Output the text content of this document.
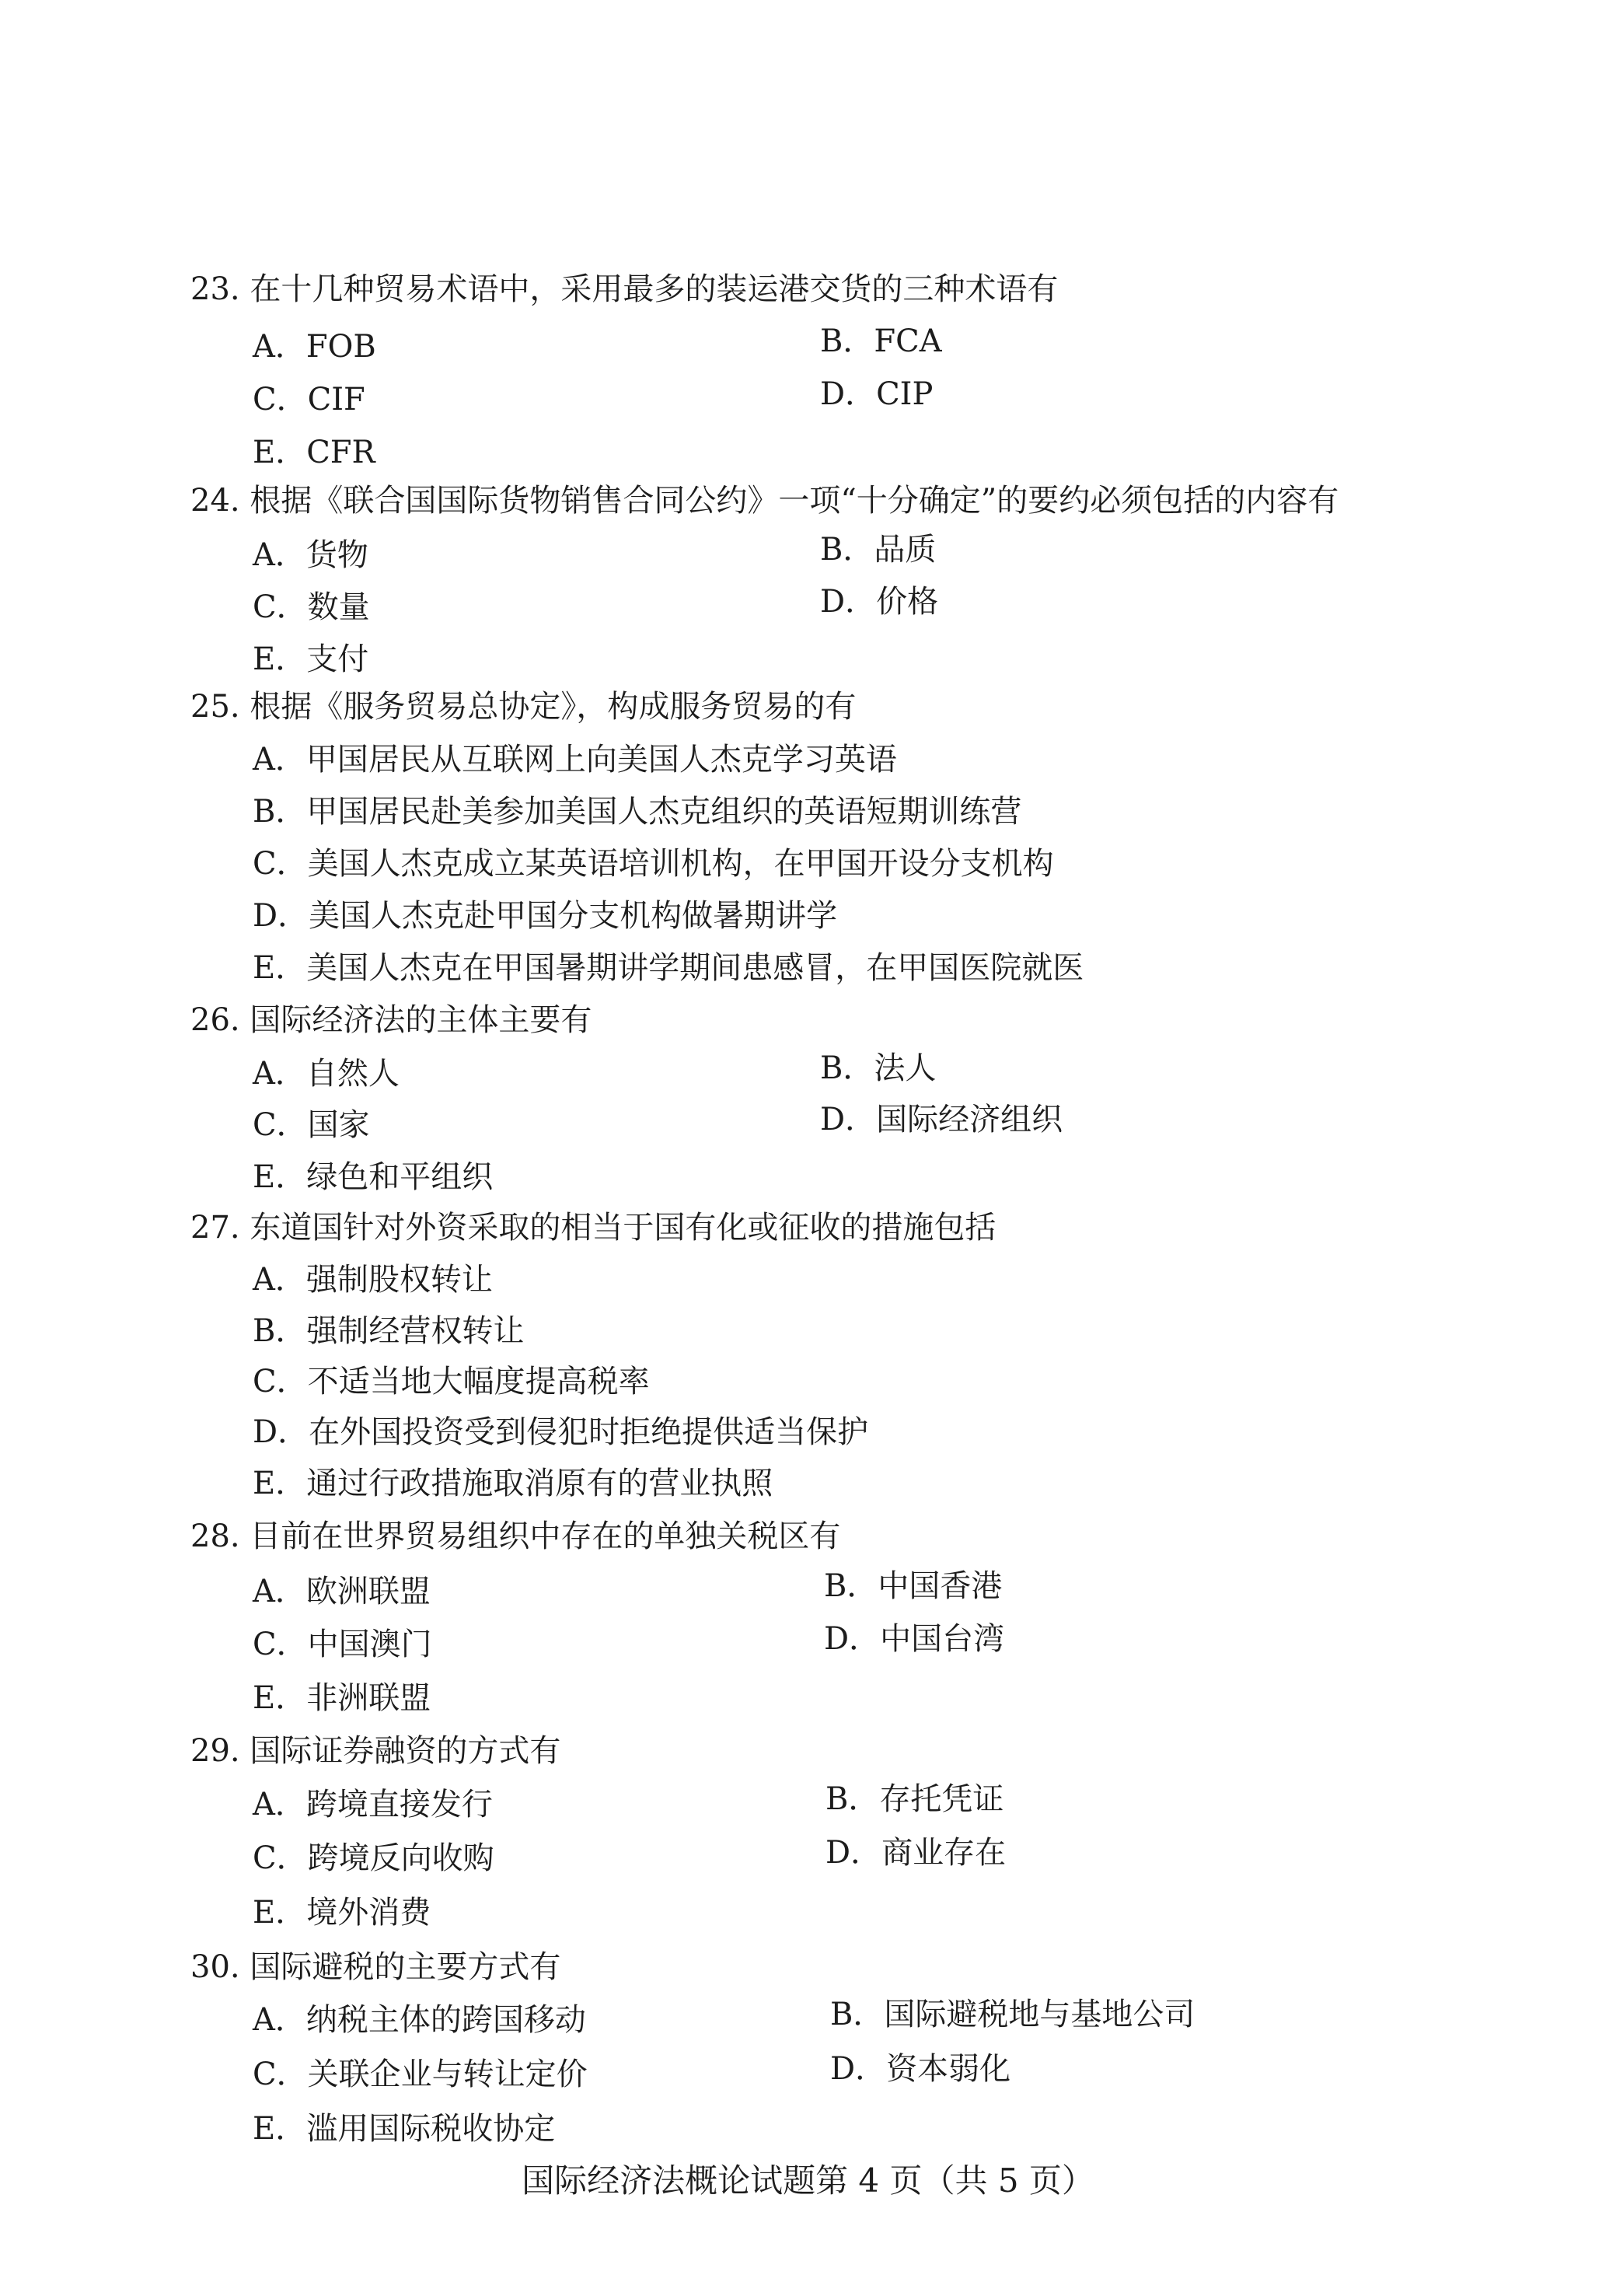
23. 在十几种贸易术语中，采用最多的装运港交货的三种术语有
A．FOB	B．FCA
C．CIF	D．CIP
E．CFR
24. 根据《联合国国际货物销售合同公约》一项“十分确定”的要约必须包括的内容有
A．货物	B．品质
C．数量	D．价格
E．支付
25. 根据《服务贸易总协定》，构成服务贸易的有
A．甲国居民从互联网上向美国人杰克学习英语
B．甲国居民赴美参加美国人杰克组织的英语短期训练营
C．美国人杰克成立某英语培训机构，在甲国开设分支机构
D．美国人杰克赴甲国分支机构做暑期讲学
E．美国人杰克在甲国暑期讲学期间患感冒，在甲国医院就医
26. 国际经济法的主体主要有
A．自然人	B．法人
C．国家	D．国际经济组织
E．绿色和平组织
27. 东道国针对外资采取的相当于国有化或征收的措施包括
A．强制股权转让
B．强制经营权转让
C．不适当地大幅度提高税率
D．在外国投资受到侵犯时拒绝提供适当保护
E．通过行政措施取消原有的营业执照
28. 目前在世界贸易组织中存在的单独关税区有
A．欧洲联盟	B．中国香港
C．中国澳门	D．中国台湾
E．非洲联盟
29. 国际证券融资的方式有
A．跨境直接发行	B．存托凭证
C．跨境反向收购	D．商业存在
E．境外消费
30. 国际避税的主要方式有
A．纳税主体的跨国移动	B．国际避税地与基地公司
C．关联企业与转让定价	D．资本弱化
E．滥用国际税收协定
国际经济法概论试题第 4 页（共 5 页）
